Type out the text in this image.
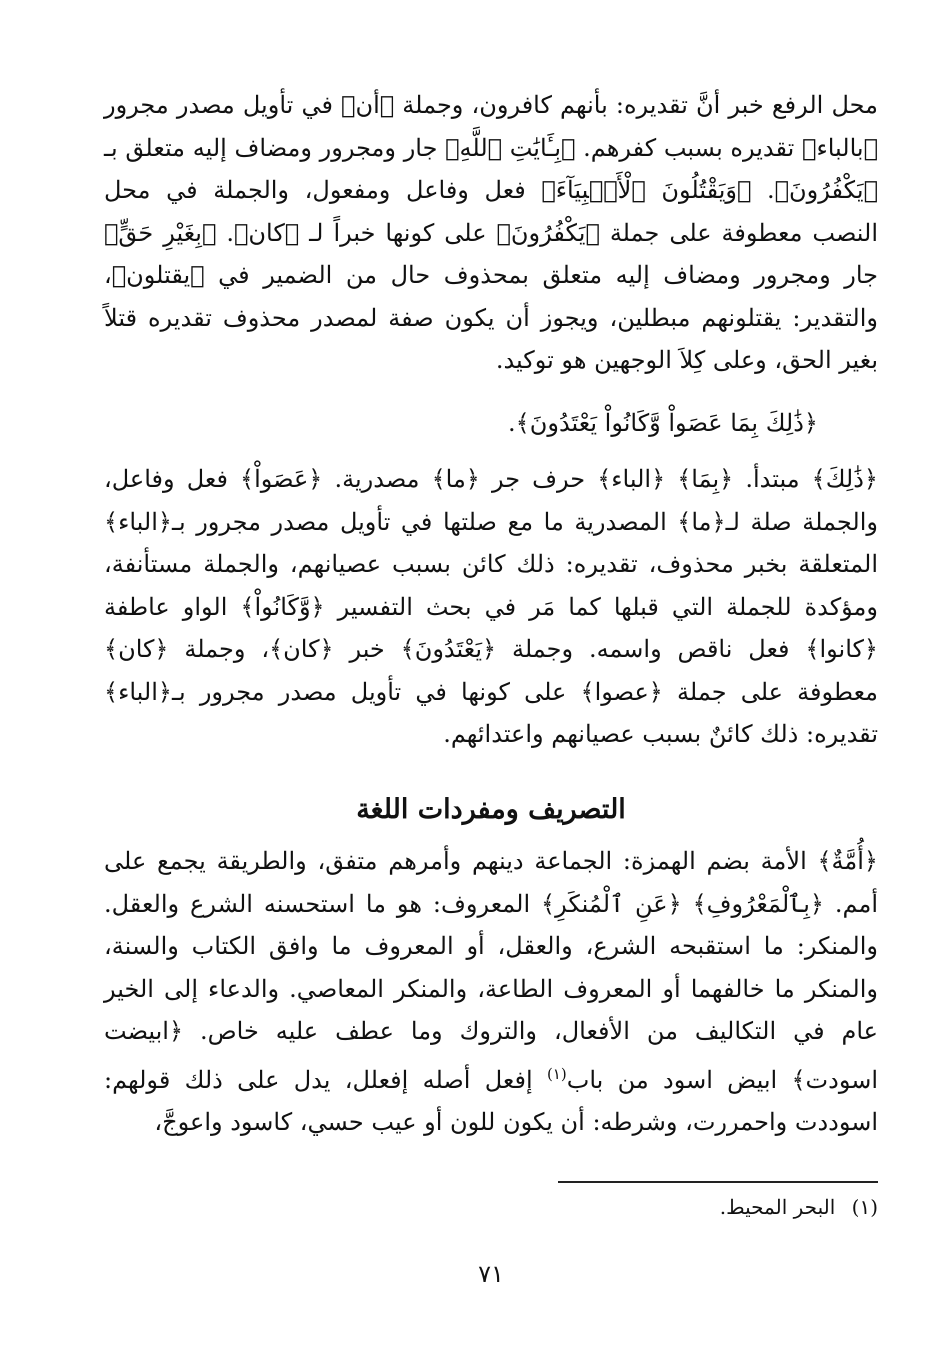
محل الرفع خبر أنَّ تقديره: بأنهم كافرون، وجملة ﴿أن﴾ في تأويل مصدر مجرور ﴿بالباء﴾ تقديره بسبب كفرهم. ﴿بِـَٔايَٰتِ ٱللَّهِ﴾ جار ومجرور ومضاف إليه متعلق بـ ﴿يَكْفُرُونَ﴾. ﴿وَيَقْتُلُونَ ٱلْأَنۢبِيَآءَ﴾ فعل وفاعل ومفعول، والجملة في محل النصب معطوفة على جملة ﴿يَكْفُرُونَ﴾ على كونها خبراً لـ ﴿كان﴾. ﴿بِغَيْرِ حَقٍّ﴾ جار ومجرور ومضاف إليه متعلق بمحذوف حال من الضمير في ﴿يقتلون﴾، والتقدير: يقتلونهم مبطلين، ويجوز أن يكون صفة لمصدر محذوف تقديره قتلاً بغير الحق، وعلى كِلاَ الوجهين هو توكيد.
﴿ذَٰلِكَ بِمَا عَصَواْ وَّكَانُواْ يَعْتَدُونَ﴾.
﴿ذَٰلِكَ﴾ مبتدأ. ﴿بِمَا﴾ ﴿الباء﴾ حرف جر ﴿ما﴾ مصدرية. ﴿عَصَواْ﴾ فعل وفاعل، والجملة صلة لـ﴿ما﴾ المصدرية ما مع صلتها في تأويل مصدر مجرور بـ﴿الباء﴾ المتعلقة بخبر محذوف، تقديره: ذلك كائن بسبب عصيانهم، والجملة مستأنفة، ومؤكدة للجملة التي قبلها كما مَر في بحث التفسير ﴿وَّكَانُواْ﴾ الواو عاطفة ﴿كانوا﴾ فعل ناقص واسمه. وجملة ﴿يَعْتَدُونَ﴾ خبر ﴿كان﴾، وجملة ﴿كان﴾ معطوفة على جملة ﴿عصوا﴾ على كونها في تأويل مصدر مجرور بـ﴿الباء﴾ تقديره: ذلك كائنٌ بسبب عصيانهم واعتدائهم.
التصريف ومفردات اللغة
﴿أُمَّةٌ﴾ الأمة بضم الهمزة: الجماعة دينهم وأمرهم متفق، والطريقة يجمع على أمم. ﴿بِٱلْمَعْرُوفِ﴾ ﴿عَنِ ٱلْمُنكَرِ﴾ المعروف: هو ما استحسنه الشرع والعقل. والمنكر: ما استقبحه الشرع، والعقل، أو المعروف ما وافق الكتاب والسنة، والمنكر ما خالفهما أو المعروف الطاعة، والمنكر المعاصي. والدعاء إلى الخير عام في التكاليف من الأفعال، والتروك وما عطف عليه خاص. ﴿ابيضت اسودت﴾ ابيض اسود من باب$^{(١)}$ إفعل أصله إفعلل، يدل على ذلك قولهم: اسوددت واحمررت، وشرطه: أن يكون للون أو عيب حسي، كاسود واعوجَّ،
(١) البحر المحيط.
٧١
